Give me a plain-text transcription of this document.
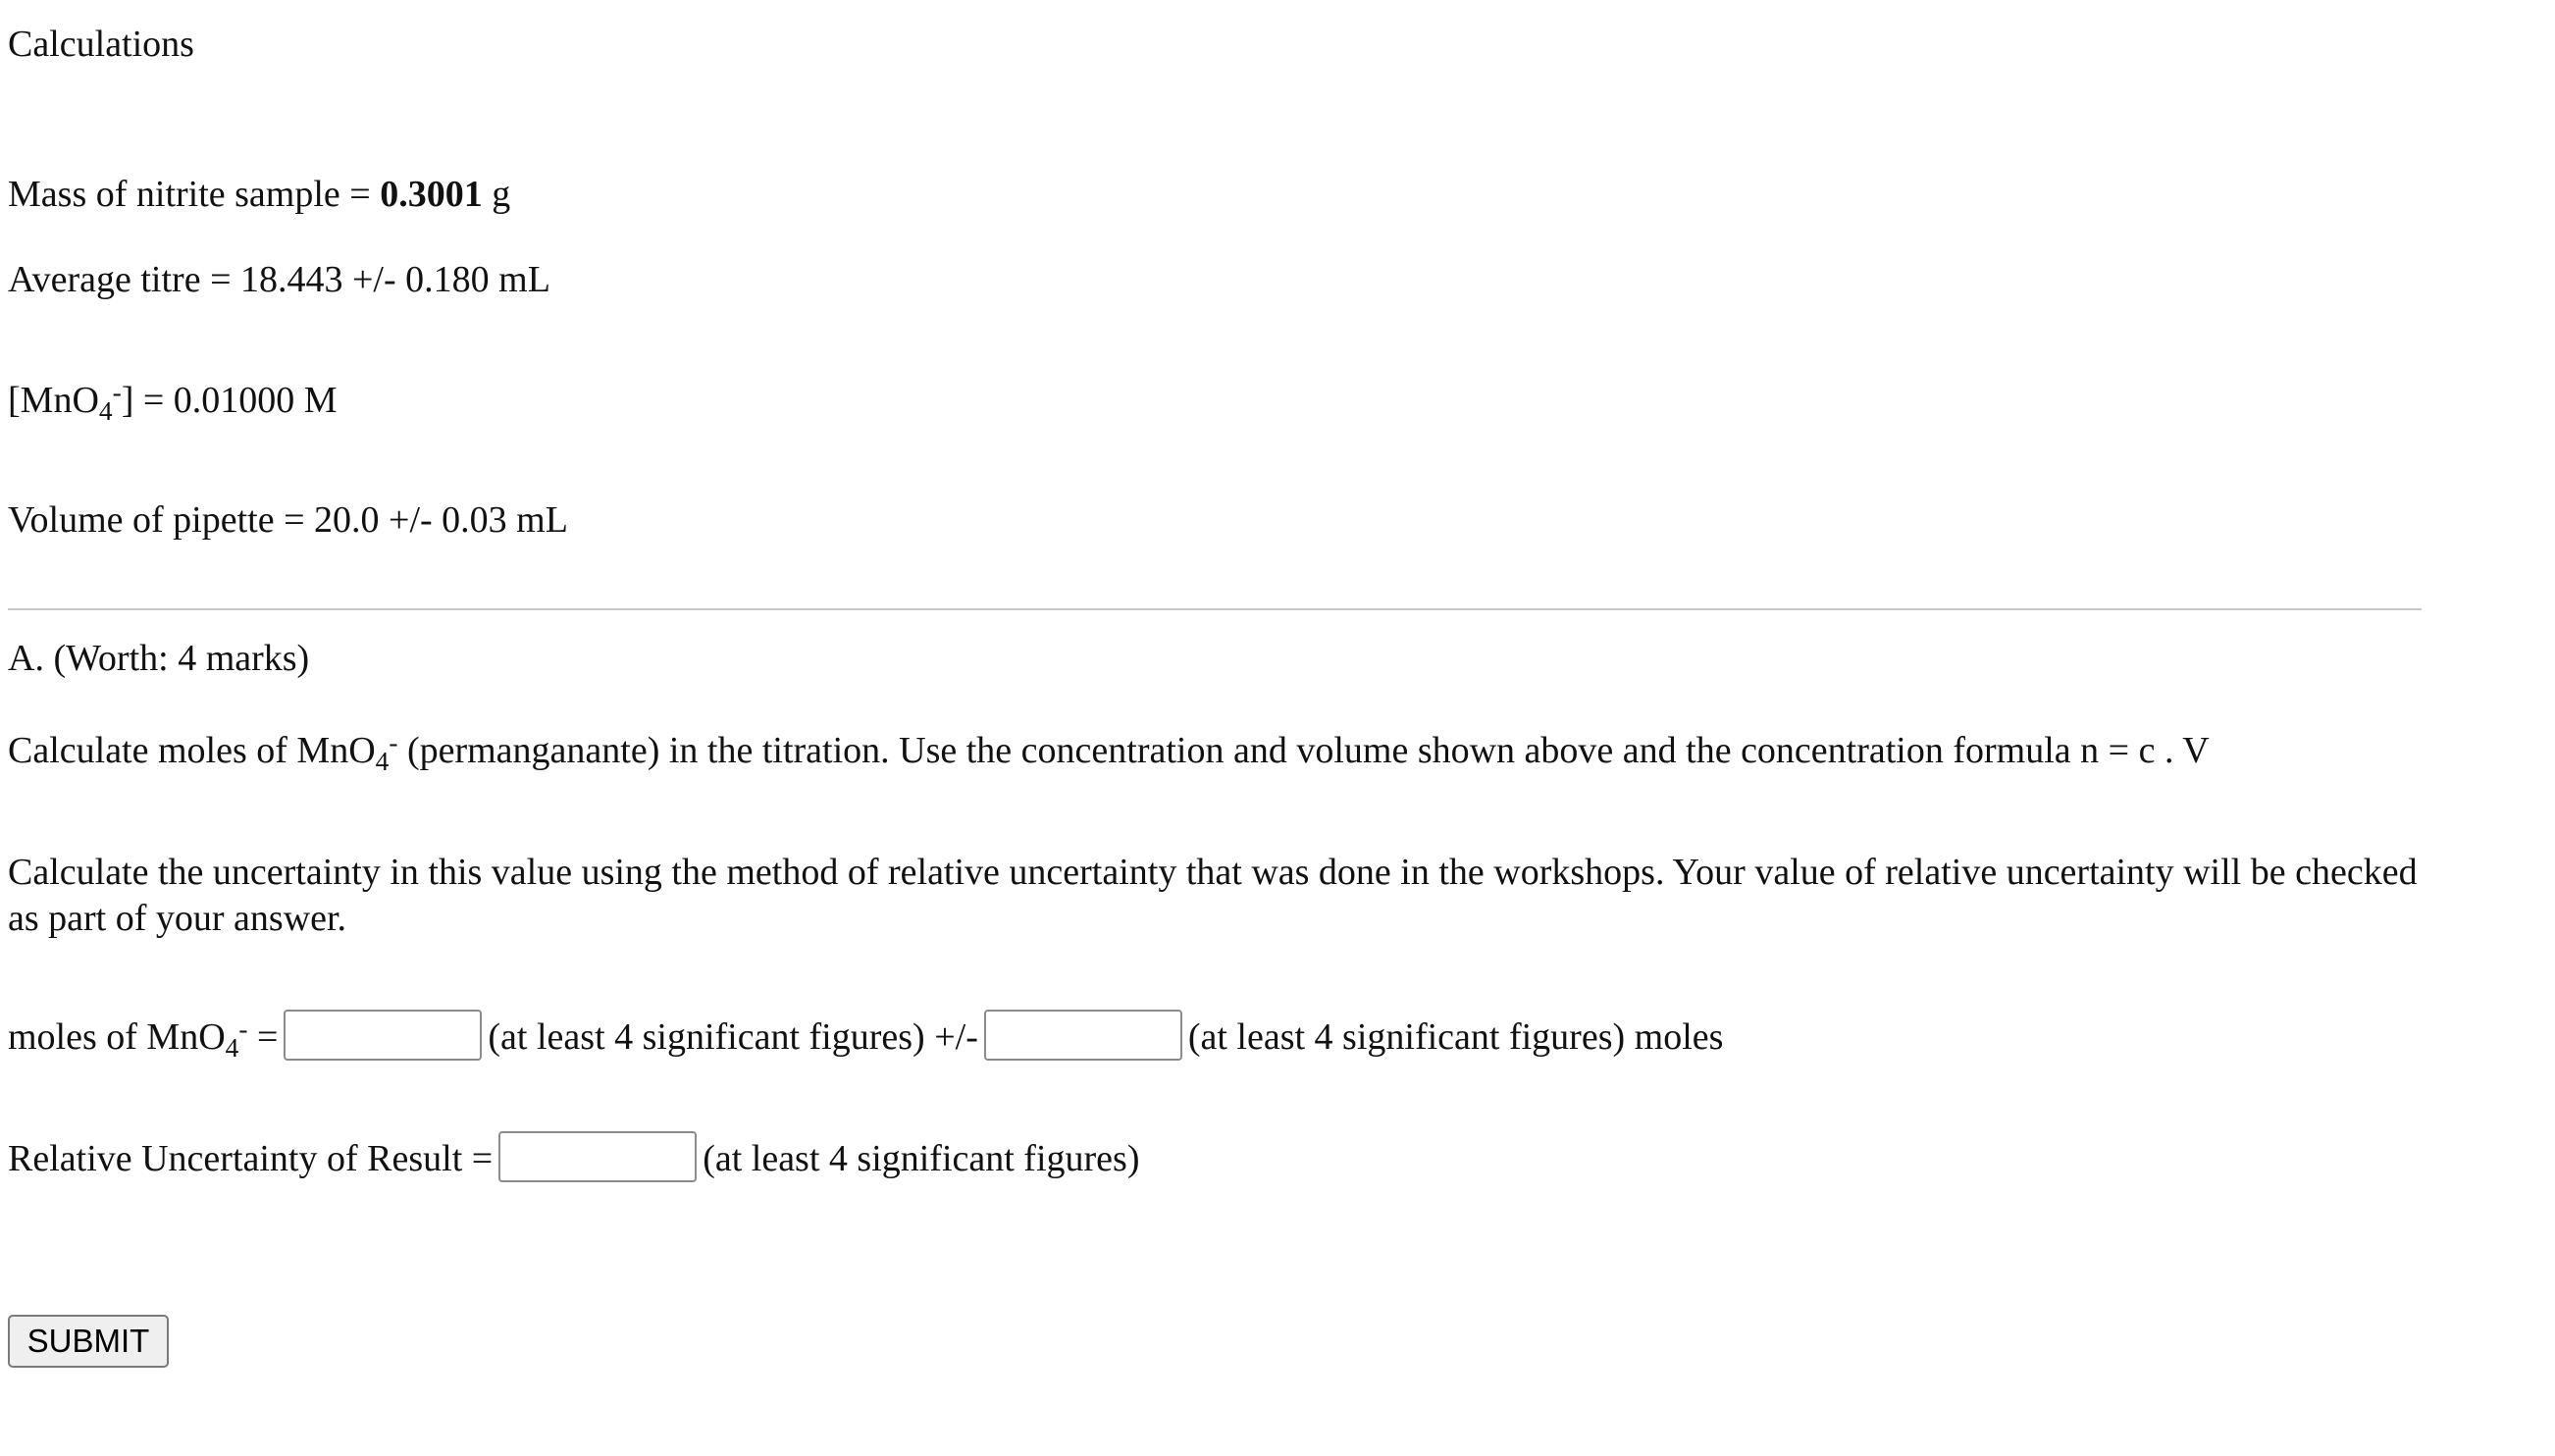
Calculations
Mass of nitrite sample = 0.3001 g
Average titre = 18.443 +/- 0.180 mL
[MnO$_4$-] = 0.01000 M
Volume of pipette = 20.0 +/- 0.03 mL
A. (Worth: 4 marks)
Calculate moles of MnO$_4$- (permanganante) in the titration. Use the concentration and volume shown above and the concentration formula n = c . V
Calculate the uncertainty in this value using the method of relative uncertainty that was done in the workshops. Your value of relative uncertainty will be checked as part of your answer.
moles of MnO$_4$- =	(at least 4 significant figures) +/-	(at least 4 significant figures) moles
Relative Uncertainty of Result =	(at least 4 significant figures)
SUBMIT
